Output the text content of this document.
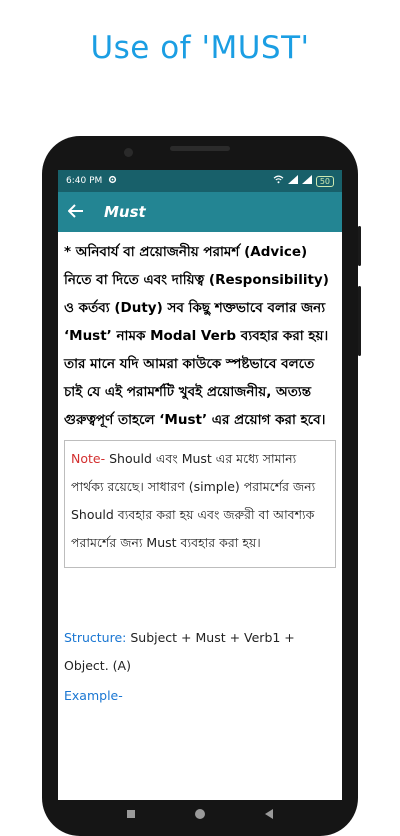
Use of 'MUST'
6:40 PM	50
Must
* অনিবার্য বা প্রয়োজনীয় পরামর্শ (Advice) নিতে বা দিতে এবং দায়িত্ব (Responsibility) ও কর্তব্য (Duty) সব কিছু শক্তভাবে বলার জন্য ‘Must’ নামক Modal Verb ব্যবহার করা হয়। তার মানে যদি আমরা কাউকে স্পষ্টভাবে বলতে চাই যে এই পরামর্শটি খুবই প্রয়োজনীয়, অত্যন্ত গুরুত্বপূর্ণ তাহলে ‘Must’ এর প্রয়োগ করা হবে।
Note- Should এবং Must এর মধ্যে সামান্য পার্থক্য রয়েছে। সাধারণ (simple) পরামর্শের জন্য Should ব্যবহার করা হয় এবং জরুরী বা আবশ্যক পরামর্শের জন্য Must ব্যবহার করা হয়।
Structure: Subject + Must + Verb1 + Object. (A)
Example-
